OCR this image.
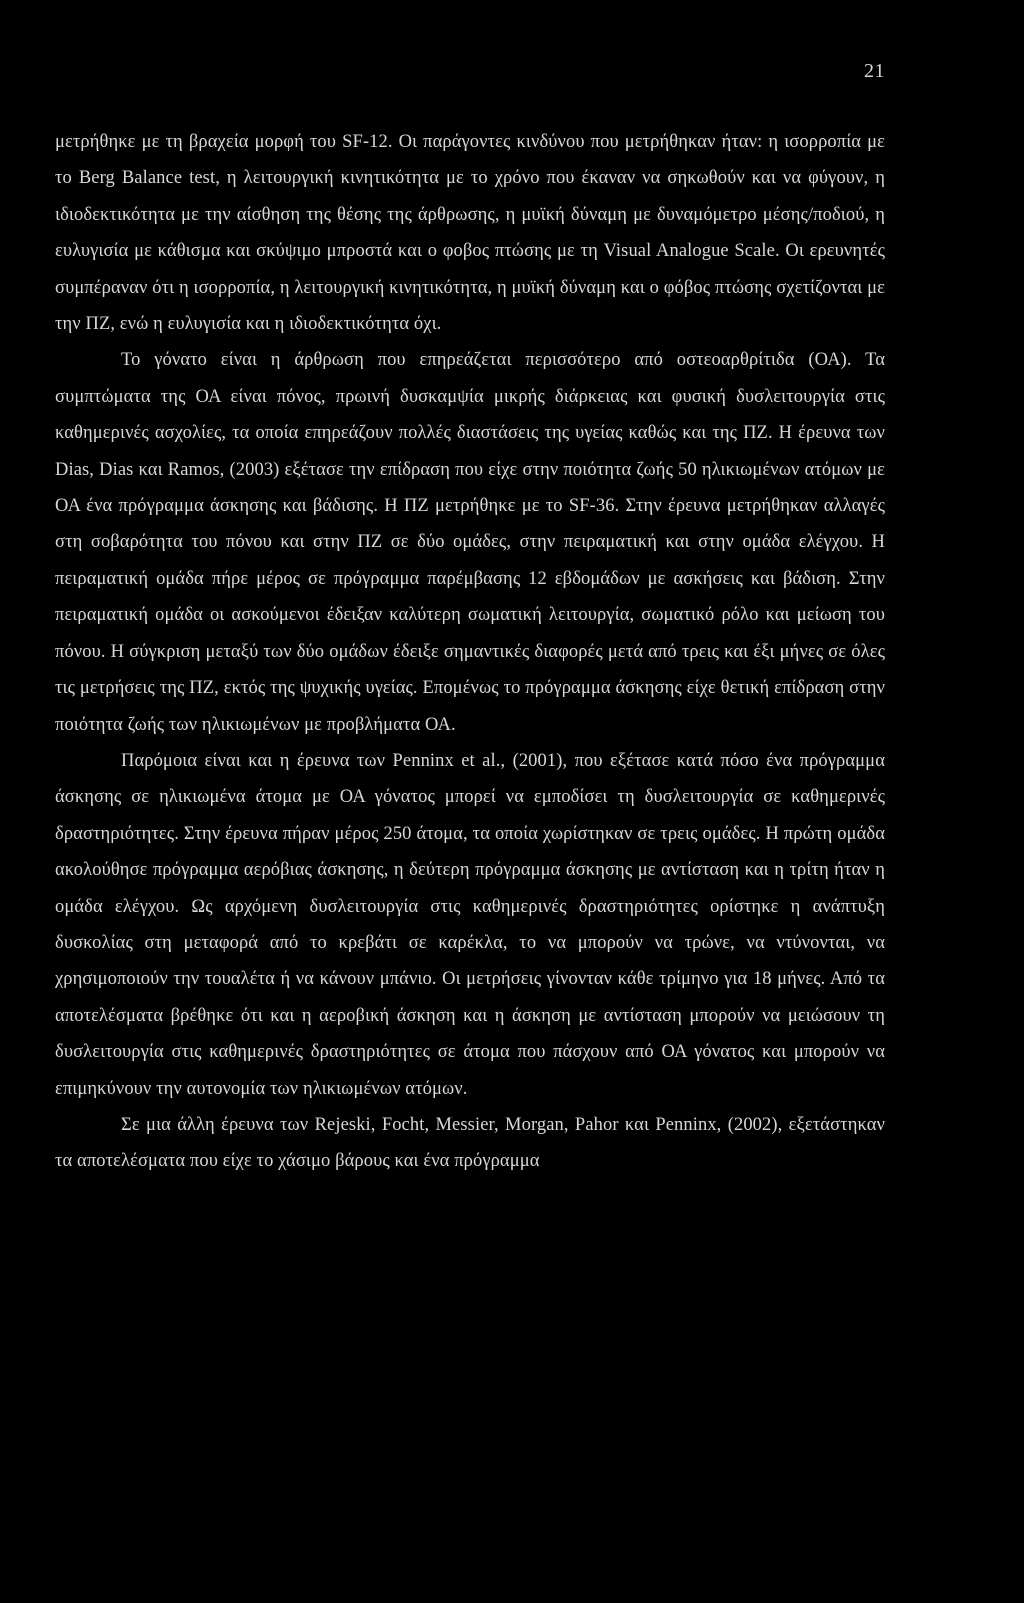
21

μετρήθηκε με τη βραχεία μορφή του SF-12. Οι παράγοντες κινδύνου που μετρήθηκαν ήταν: η ισορροπία με το Berg Balance test, η λειτουργική κινητικότητα με το χρόνο που έκαναν να σηκωθούν και να φύγουν, η ιδιοδεκτικότητα με την αίσθηση της θέσης της άρθρωσης, η μυϊκή δύναμη με δυναμόμετρο μέσης/ποδιού, η ευλυγισία με κάθισμα και σκύψιμο μπροστά και ο φοβος πτώσης με τη Visual Analogue Scale. Οι ερευνητές συμπέραναν ότι η ισορροπία, η λειτουργική κινητικότητα, η μυϊκή δύναμη και ο φόβος πτώσης σχετίζονται με την ΠΖ, ενώ η ευλυγισία και η ιδιοδεκτικότητα όχι.

Το γόνατο είναι η άρθρωση που επηρεάζεται περισσότερο από οστεοαρθρίτιδα (ΟΑ). Τα συμπτώματα της ΟΑ είναι πόνος, πρωινή δυσκαμψία μικρής διάρκειας και φυσική δυσλειτουργία στις καθημερινές ασχολίες, τα οποία επηρεάζουν πολλές διαστάσεις της υγείας καθώς και της ΠΖ. Η έρευνα των Dias, Dias και Ramos, (2003) εξέτασε την επίδραση που είχε στην ποιότητα ζωής 50 ηλικιωμένων ατόμων με ΟΑ ένα πρόγραμμα άσκησης και βάδισης. Η ΠΖ μετρήθηκε με το SF-36. Στην έρευνα μετρήθηκαν αλλαγές στη σοβαρότητα του πόνου και στην ΠΖ σε δύο ομάδες, στην πειραματική και στην ομάδα ελέγχου. Η πειραματική ομάδα πήρε μέρος σε πρόγραμμα παρέμβασης 12 εβδομάδων με ασκήσεις και βάδιση. Στην πειραματική ομάδα οι ασκούμενοι έδειξαν καλύτερη σωματική λειτουργία, σωματικό ρόλο και μείωση του πόνου. Η σύγκριση μεταξύ των δύο ομάδων έδειξε σημαντικές διαφορές μετά από τρεις και έξι μήνες σε όλες τις μετρήσεις της ΠΖ, εκτός της ψυχικής υγείας. Επομένως το πρόγραμμα άσκησης είχε θετική επίδραση στην ποιότητα ζωής των ηλικιωμένων με προβλήματα ΟΑ.

Παρόμοια είναι και η έρευνα των Penninx et al., (2001), που εξέτασε κατά πόσο ένα πρόγραμμα άσκησης σε ηλικιωμένα άτομα με ΟΑ γόνατος μπορεί να εμποδίσει τη δυσλειτουργία σε καθημερινές δραστηριότητες. Στην έρευνα πήραν μέρος 250 άτομα, τα οποία χωρίστηκαν σε τρεις ομάδες. Η πρώτη ομάδα ακολούθησε πρόγραμμα αερόβιας άσκησης, η δεύτερη πρόγραμμα άσκησης με αντίσταση και η τρίτη ήταν η ομάδα ελέγχου. Ως αρχόμενη δυσλειτουργία στις καθημερινές δραστηριότητες ορίστηκε η ανάπτυξη δυσκολίας στη μεταφορά από το κρεβάτι σε καρέκλα, το να μπορούν να τρώνε, να ντύνονται, να χρησιμοποιούν την τουαλέτα ή να κάνουν μπάνιο. Οι μετρήσεις γίνονταν κάθε τρίμηνο για 18 μήνες. Από τα αποτελέσματα βρέθηκε ότι και η αεροβική άσκηση και η άσκηση με αντίσταση μπορούν να μειώσουν τη δυσλειτουργία στις καθημερινές δραστηριότητες σε άτομα που πάσχουν από ΟΑ γόνατος και μπορούν να επιμηκύνουν την αυτονομία των ηλικιωμένων ατόμων.

Σε μια άλλη έρευνα των Rejeski, Focht, Messier, Morgan, Pahor και Penninx, (2002), εξετάστηκαν τα αποτελέσματα που είχε το χάσιμο βάρους και ένα πρόγραμμα
